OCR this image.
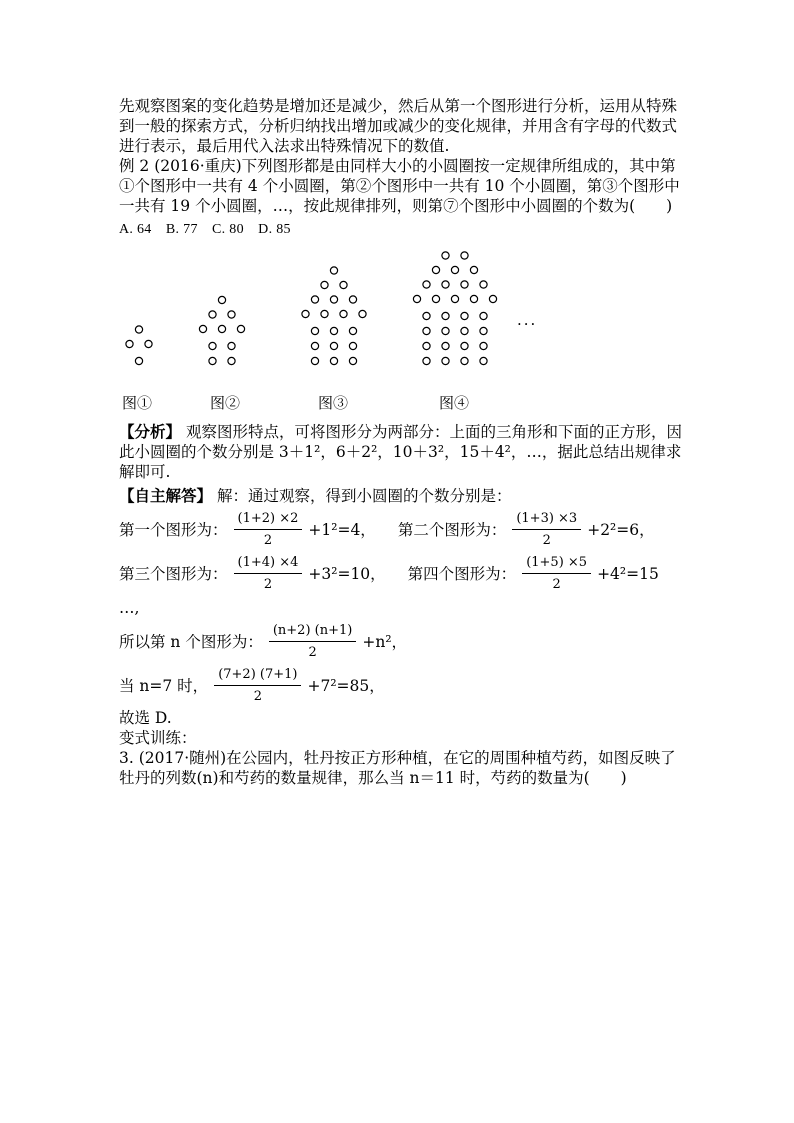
先观察图案的变化趋势是增加还是减少，然后从第一个图形进行分析，运用从特殊到一般的探索方式，分析归纳找出增加或减少的变化规律，并用含有字母的代数式进行表示，最后用代入法求出特殊情况下的数值.

例 2 (2016·重庆)下列图形都是由同样大小的小圆圈按一定规律所组成的，其中第①个图形中一共有 4 个小圆圈，第②个图形中一共有 10 个小圆圈，第③个图形中一共有 19 个小圆圈，…，按此规律排列，则第⑦个图形中小圆圈的个数为(　　)

A. 64　B. 77　C. 80　D. 85

图①	图②	图③	图④
···

【分析】 观察图形特点，可将图形分为两部分：上面的三角形和下面的正方形，因此小圆圈的个数分别是 3＋1²，6＋2²，10＋3²，15＋4²，…，据此总结出规律求解即可.

【自主解答】 解：通过观察，得到小圆圈的个数分别是：

第一个图形为： $\frac{(1+2) \times 2}{2} +1^2=4$， 第二个图形为： $\frac{(1+3) \times 3}{2} +2^2=6$，
第三个图形为： $\frac{(1+4) \times 4}{2} +3^2=10$， 第四个图形为： $\frac{(1+5) \times 5}{2} +4^2=15$

…,

所以第 n 个图形为： $\frac{(n+2) (n+1)}{2} +n^2$，
当 n=7 时， $\frac{(7+2) (7+1)}{2} +7^2=85$，

故选 D.

变式训练：

3. (2017·随州)在公园内，牡丹按正方形种植，在它的周围种植芍药，如图反映了牡丹的列数(n)和芍药的数量规律，那么当 n＝11 时，芍药的数量为(　　)
